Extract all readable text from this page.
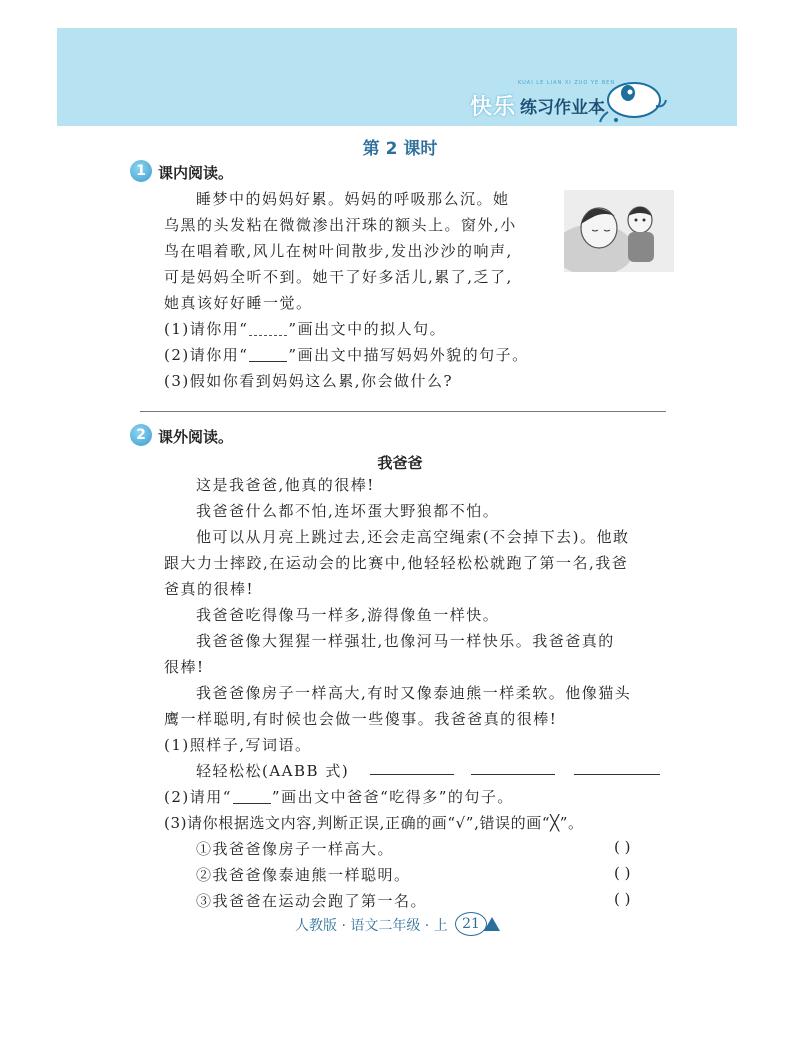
KUAI LE LIAN XI ZUO YE BEN
快乐 练习作业本
第 2 课时
1 课内阅读。
睡梦中的妈妈好累。妈妈的呼吸那么沉。她
乌黑的头发粘在微微渗出汗珠的额头上。窗外,小
鸟在唱着歌,风儿在树叶间散步,发出沙沙的响声,
可是妈妈全听不到。她干了好多活儿,累了,乏了,
她真该好好睡一觉。
(1)请你用“	”画出文中的拟人句。
(2)请你用“	”画出文中描写妈妈外貌的句子。
(3)假如你看到妈妈这么累,你会做什么?
2 课外阅读。
我爸爸
这是我爸爸,他真的很棒!
我爸爸什么都不怕,连坏蛋大野狼都不怕。
他可以从月亮上跳过去,还会走高空绳索(不会掉下去)。他敢
跟大力士摔跤,在运动会的比赛中,他轻轻松松就跑了第一名,我爸
爸真的很棒!
我爸爸吃得像马一样多,游得像鱼一样快。
我爸爸像大猩猩一样强壮,也像河马一样快乐。我爸爸真的
很棒!
我爸爸像房子一样高大,有时又像泰迪熊一样柔软。他像猫头
鹰一样聪明,有时候也会做一些傻事。我爸爸真的很棒!
(1)照样子,写词语。
轻轻松松(AABB 式)
(2)请用“	”画出文中爸爸“吃得多”的句子。
(3)请你根据选文内容,判断正误,正确的画“√”,错误的画“╳”。
①我爸爸像房子一样高大。	( )
②我爸爸像泰迪熊一样聪明。	( )
③我爸爸在运动会跑了第一名。	( )
人教版 · 语文二年级 · 上	21
